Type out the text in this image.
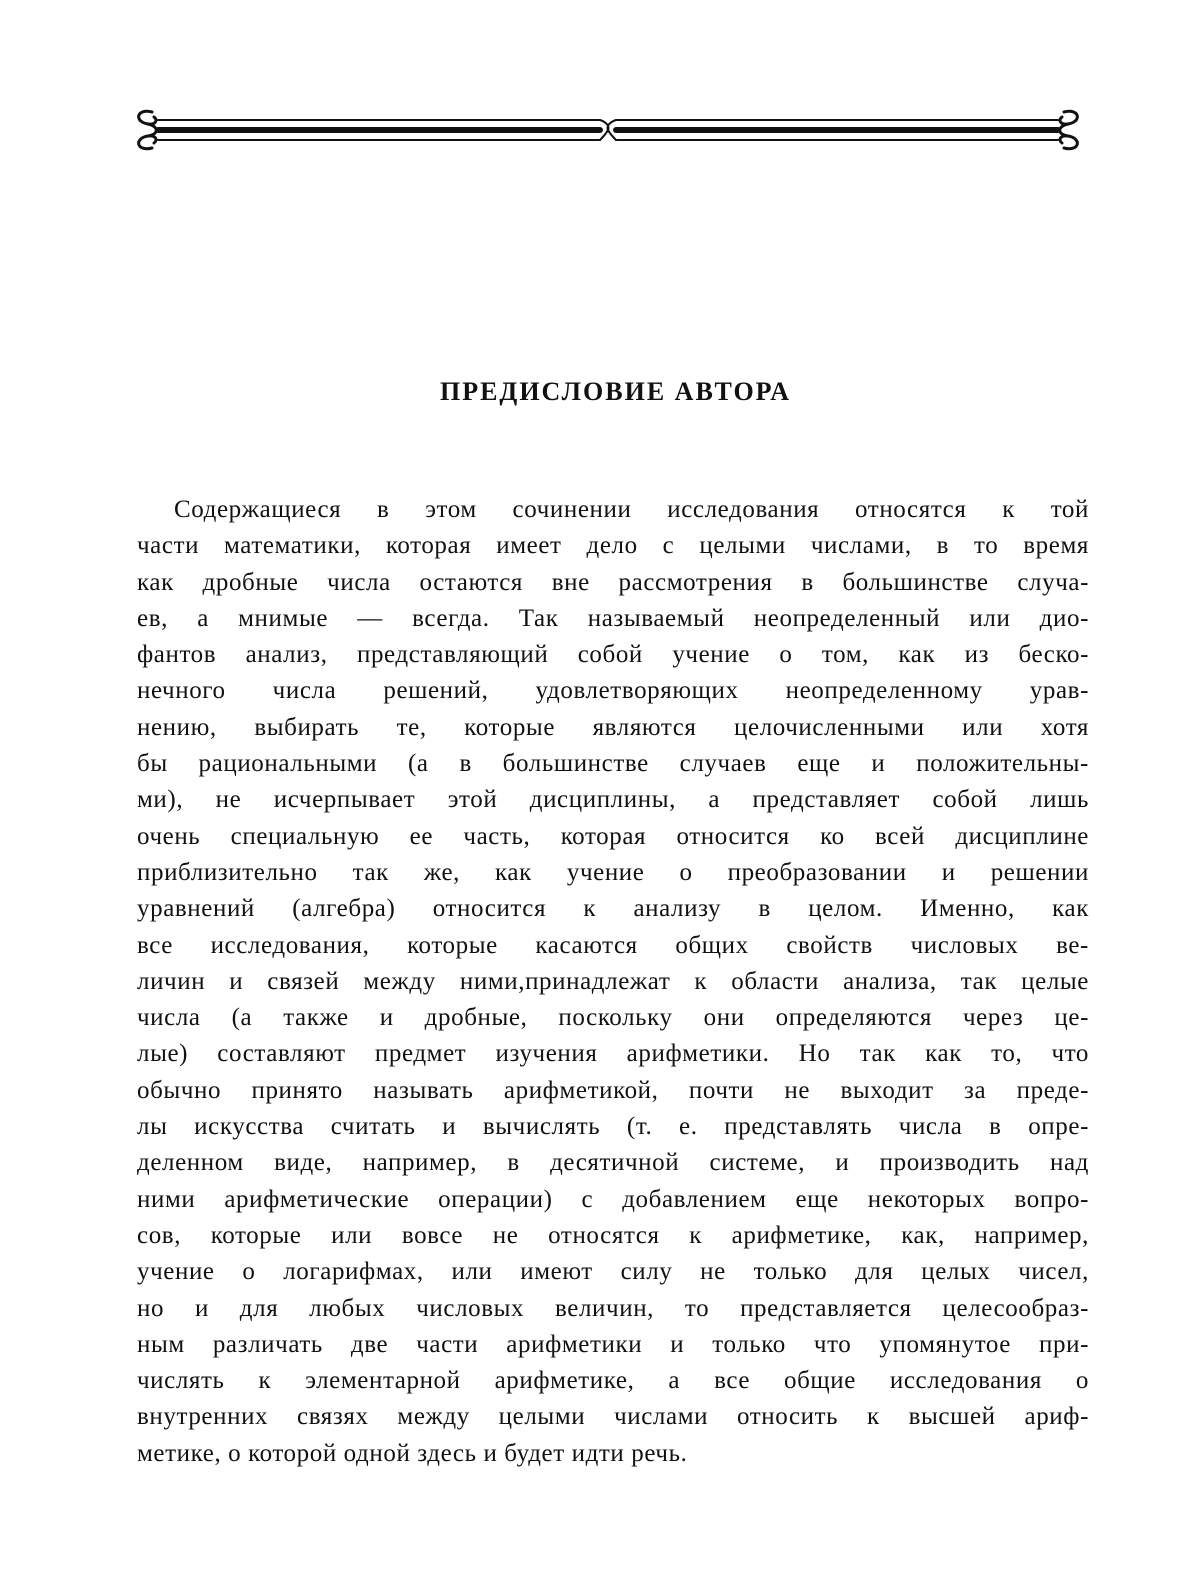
ПРЕДИСЛОВИЕ АВТОРА
Содержащиеся в этом сочинении исследования относятся к той
части математики, которая имеет дело с целыми числами, в то время
как дробные числа остаются вне рассмотрения в большинстве случа-
ев, а мнимые — всегда. Так называемый неопределенный или дио-
фантов анализ, представляющий собой учение о том, как из беско-
нечного числа решений, удовлетворяющих неопределенному урав-
нению, выбирать те, которые являются целочисленными или хотя
бы рациональными (а в большинстве случаев еще и положительны-
ми), не исчерпывает этой дисциплины, а представляет собой лишь
очень специальную ее часть, которая относится ко всей дисциплине
приблизительно так же, как учение о преобразовании и решении
уравнений (алгебра) относится к анализу в целом. Именно, как
все исследования, которые касаются общих свойств числовых ве-
личин и связей между ними,принадлежат к области анализа, так целые
числа (а также и дробные, поскольку они определяются через це-
лые) составляют предмет изучения арифметики. Но так как то, что
обычно принято называть арифметикой, почти не выходит за преде-
лы искусства считать и вычислять (т. е. представлять числа в опре-
деленном виде, например, в десятичной системе, и производить над
ними арифметические операции) с добавлением еще некоторых вопро-
сов, которые или вовсе не относятся к арифметике, как, например,
учение о логарифмах, или имеют силу не только для целых чисел,
но и для любых числовых величин, то представляется целесообраз-
ным различать две части арифметики и только что упомянутое при-
числять к элементарной арифметике, а все общие исследования о
внутренних связях между целыми числами относить к высшей ариф-
метике, о которой одной здесь и будет идти речь.
